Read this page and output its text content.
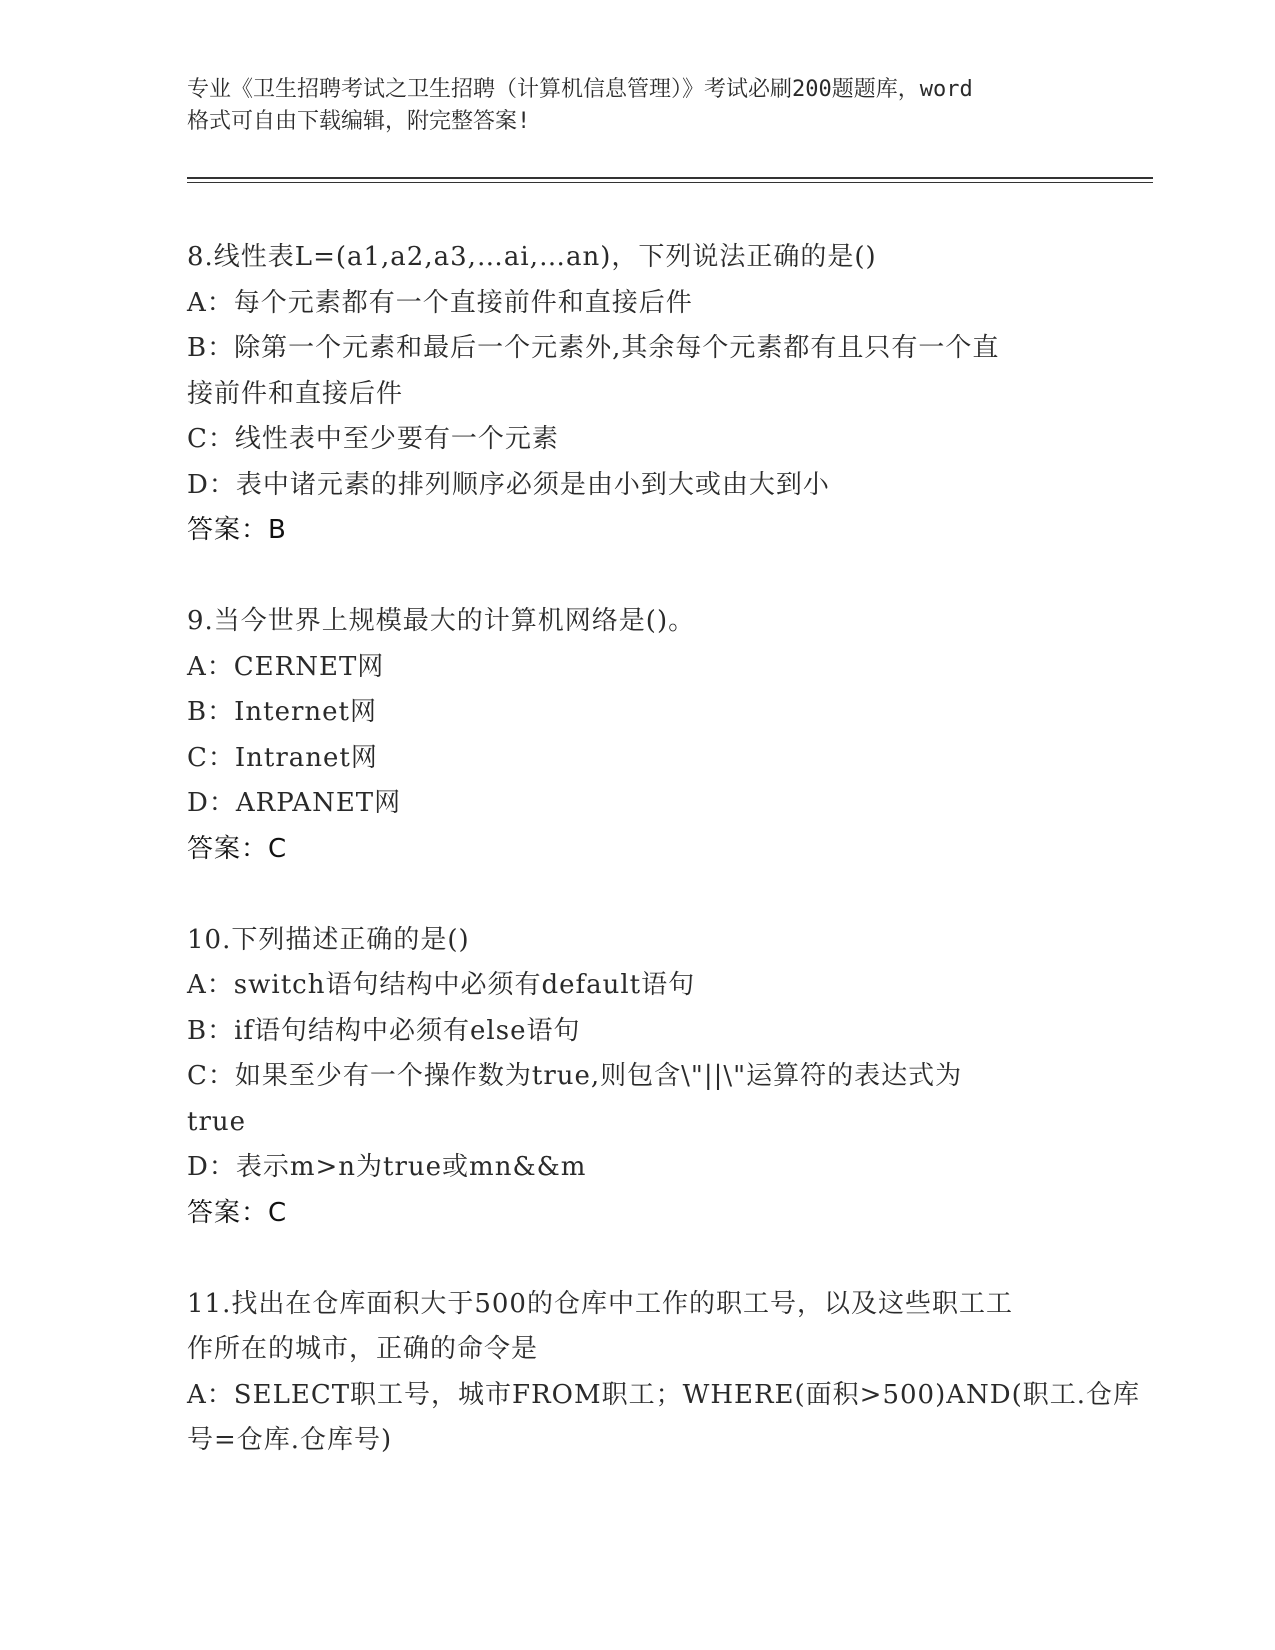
专业《卫生招聘考试之卫生招聘（计算机信息管理）》考试必刷200题题库，word
格式可自由下载编辑，附完整答案!
8.线性表L=(a1,a2,a3,…ai,…an)，下列说法正确的是()
A：每个元素都有一个直接前件和直接后件
B：除第一个元素和最后一个元素外,其余每个元素都有且只有一个直
接前件和直接后件
C：线性表中至少要有一个元素
D：表中诸元素的排列顺序必须是由小到大或由大到小
答案：B
9.当今世界上规模最大的计算机网络是()。
A：CERNET网
B：Internet网
C：Intranet网
D：ARPANET网
答案：C
10.下列描述正确的是()
A：switch语句结构中必须有default语句
B：if语句结构中必须有else语句
C：如果至少有一个操作数为true,则包含\"||\"运算符的表达式为
true
D：表示m>n为true或mn&&m
答案：C
11.找出在仓库面积大于500的仓库中工作的职工号，以及这些职工工
作所在的城市，正确的命令是
A：SELECT职工号，城市FROM职工；WHERE(面积>500)AND(职工.仓库
号=仓库.仓库号)
